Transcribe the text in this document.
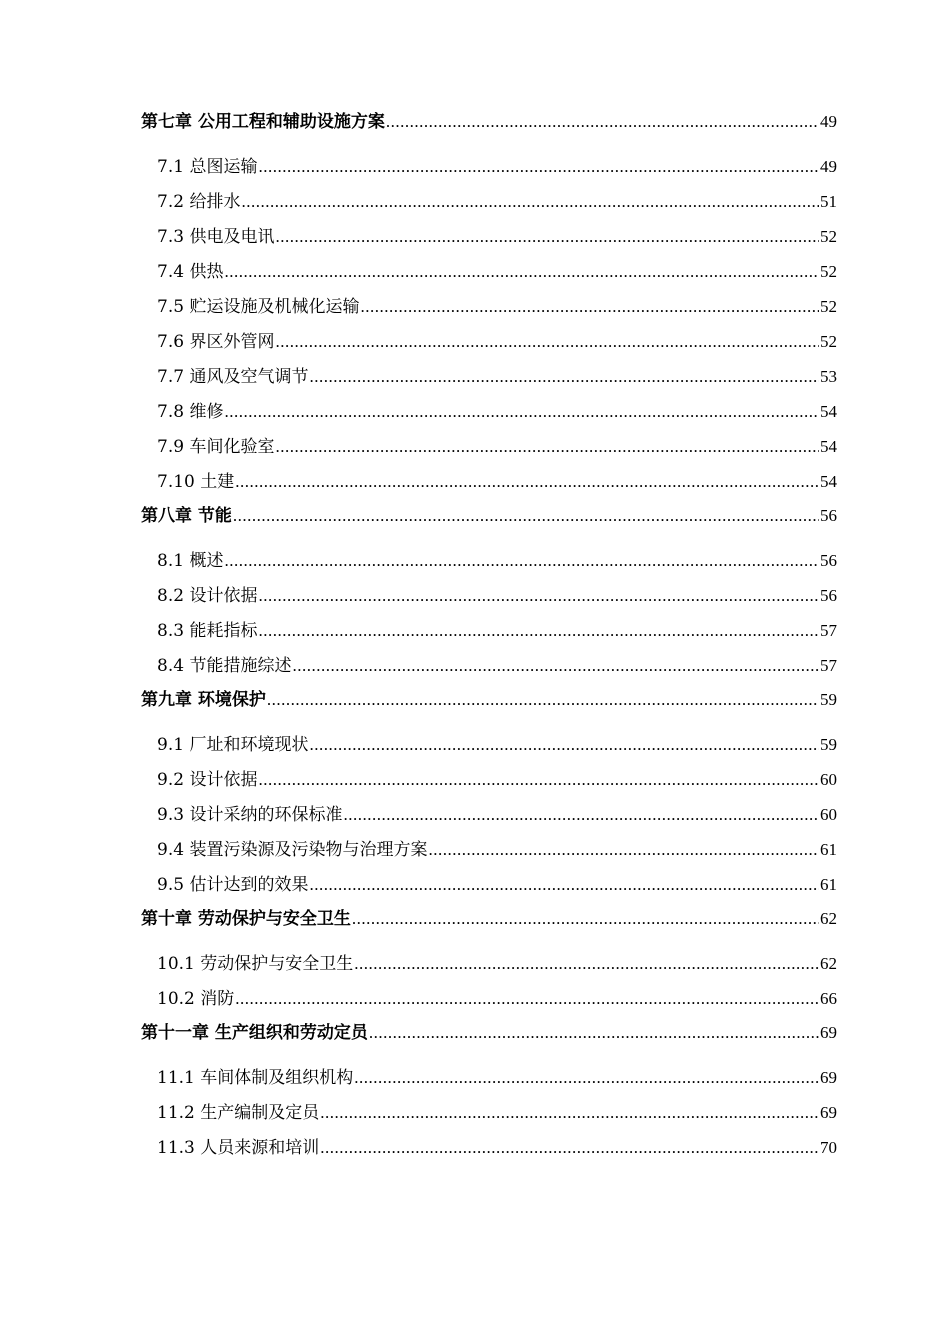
第七章 公用工程和辅助设施方案 .....	49
7.1 总图运输 .....	49
7.2 给排水 .....	51
7.3 供电及电讯 .....	52
7.4 供热 .....	52
7.5 贮运设施及机械化运输 .....	52
7.6 界区外管网 .....	52
7.7 通风及空气调节 .....	53
7.8 维修 .....	54
7.9 车间化验室 .....	54
7.10 土建 .....	54
第八章 节能 .....	56
8.1 概述 .....	56
8.2 设计依据 .....	56
8.3 能耗指标 .....	57
8.4 节能措施综述 .....	57
第九章 环境保护 .....	59
9.1 厂址和环境现状 .....	59
9.2 设计依据 .....	60
9.3 设计采纳的环保标准 .....	60
9.4 装置污染源及污染物与治理方案 .....	61
9.5 估计达到的效果 .....	61
第十章 劳动保护与安全卫生 .....	62
10.1 劳动保护与安全卫生 .....	62
10.2 消防 .....	66
第十一章 生产组织和劳动定员 .....	69
11.1 车间体制及组织机构 .....	69
11.2 生产编制及定员 .....	69
11.3 人员来源和培训 .....	70
